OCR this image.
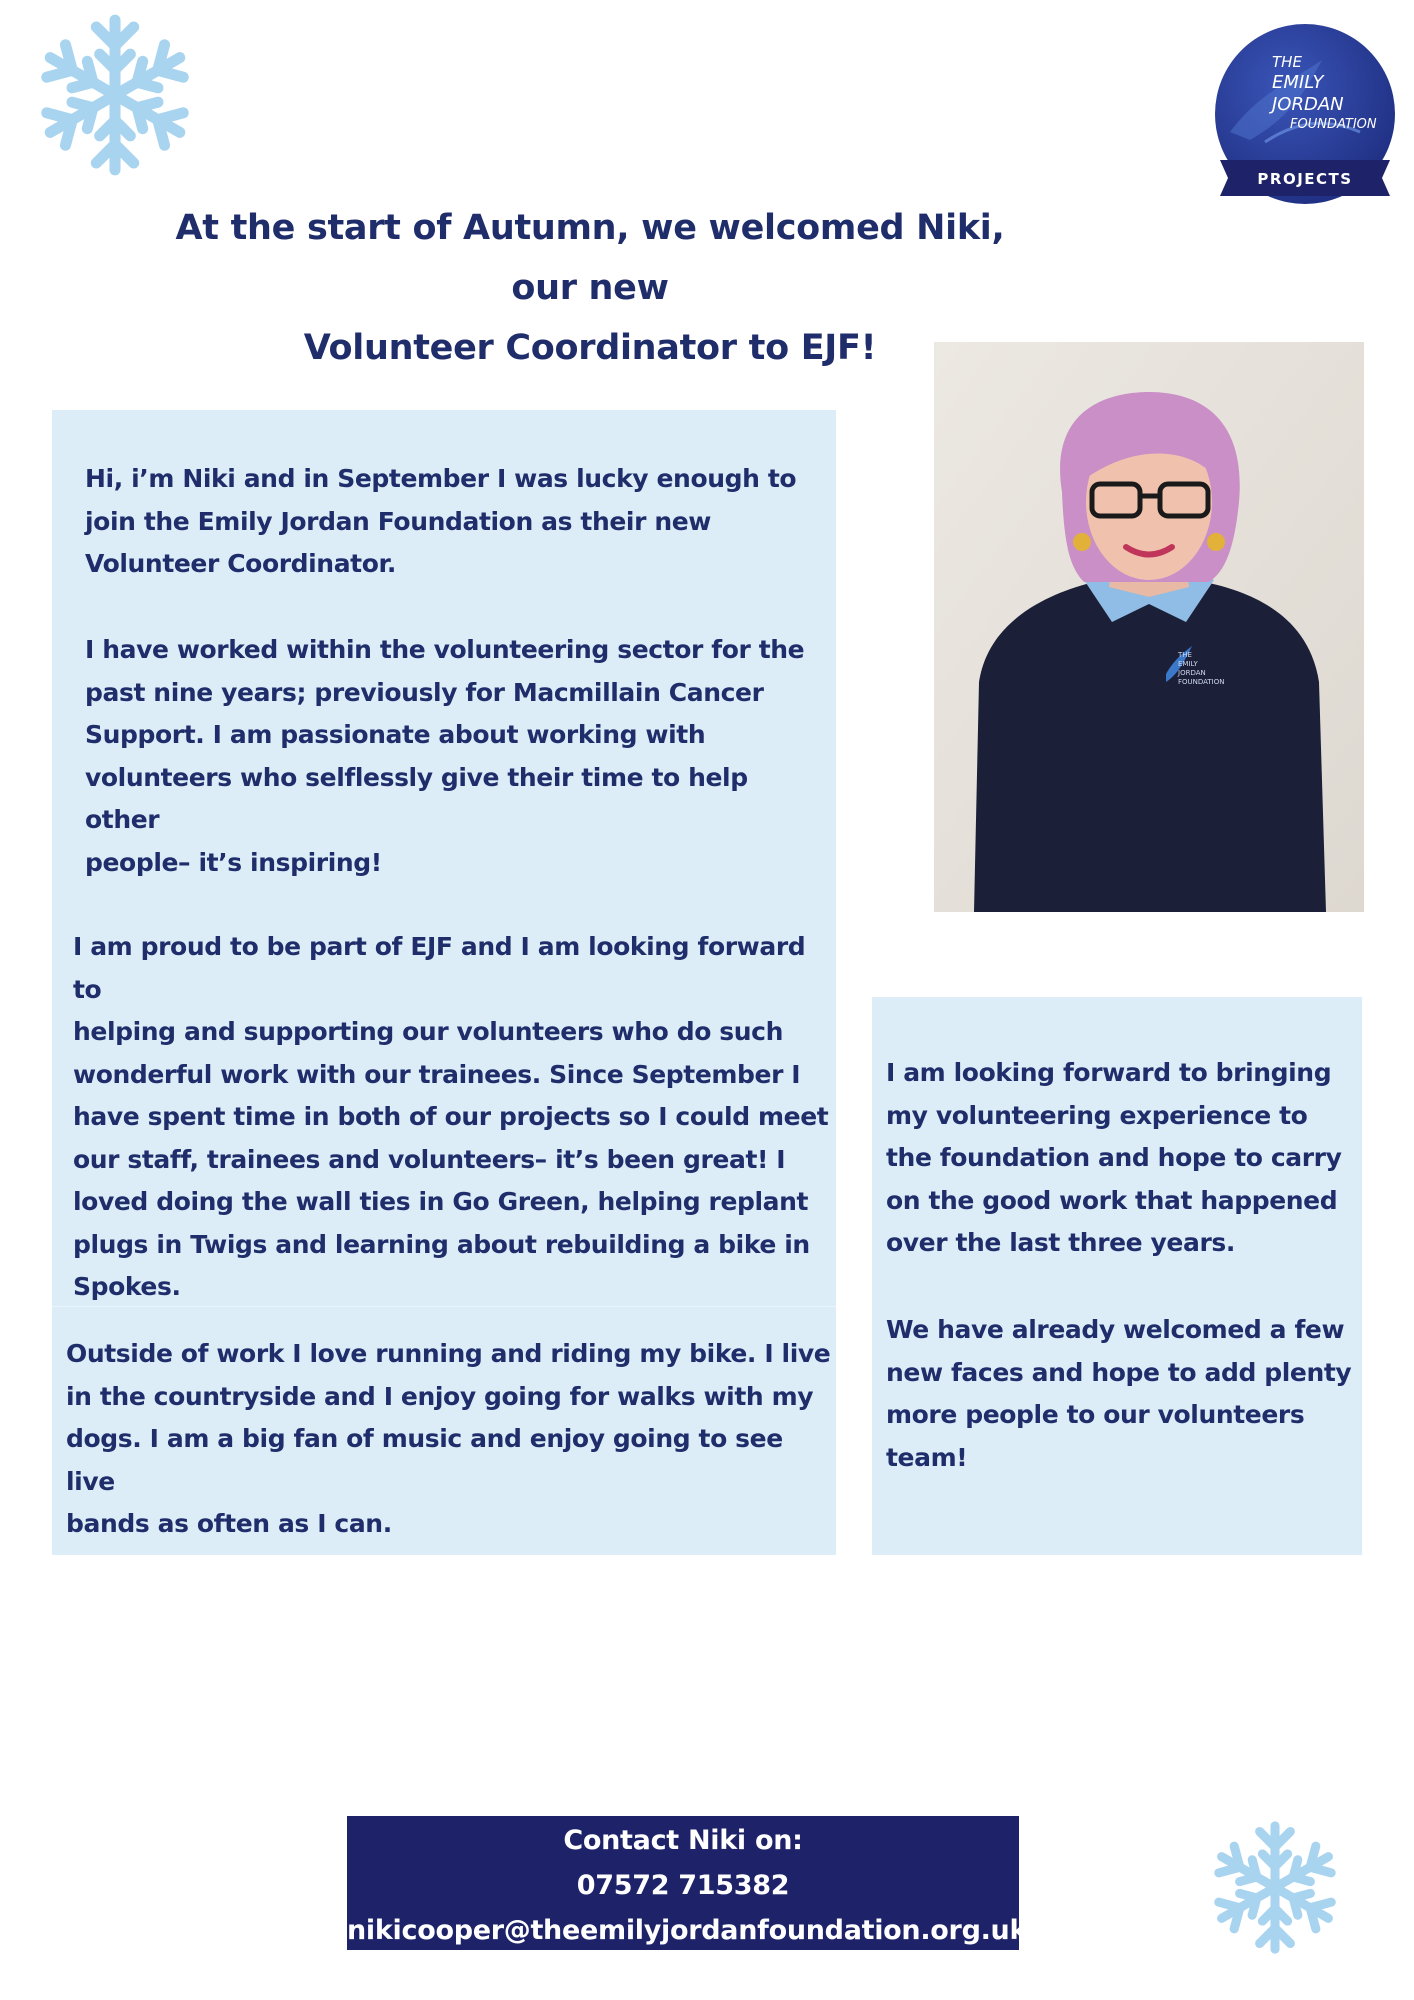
THE
EMILY
JORDAN
FOUNDATION
PROJECTS
At the start of Autumn, we welcomed Niki, our new
Volunteer Coordinator to EJF!
Hi, i’m Niki and in September I was lucky enough to
join the Emily Jordan Foundation as their new
Volunteer Coordinator.
I have worked within the volunteering sector for the
past nine years; previously for Macmillain Cancer
Support. I am passionate about working with
volunteers who selflessly give their time to help other
people– it’s inspiring!
I am proud to be part of EJF and I am looking forward to
helping and supporting our volunteers who do such
wonderful work with our trainees. Since September I
have spent time in both of our projects so I could meet
our staff, trainees and volunteers– it’s been great! I
loved doing the wall ties in Go Green, helping replant
plugs in Twigs and learning about rebuilding a bike in
Spokes.
Outside of work I love running and riding my bike. I live
in the countryside and I enjoy going for walks with my
dogs. I am a big fan of music and enjoy going to see live
bands as often as I can.
I am looking forward to bringing
my volunteering experience to
the foundation and hope to carry
on the good work that happened
over the last three years.
We have already welcomed a few
new faces and hope to add plenty
more people to our volunteers
team!
THE
EMILY
JORDAN
FOUNDATION
Contact Niki on:
07572 715382
nikicooper@theemilyjordanfoundation.org.uk
